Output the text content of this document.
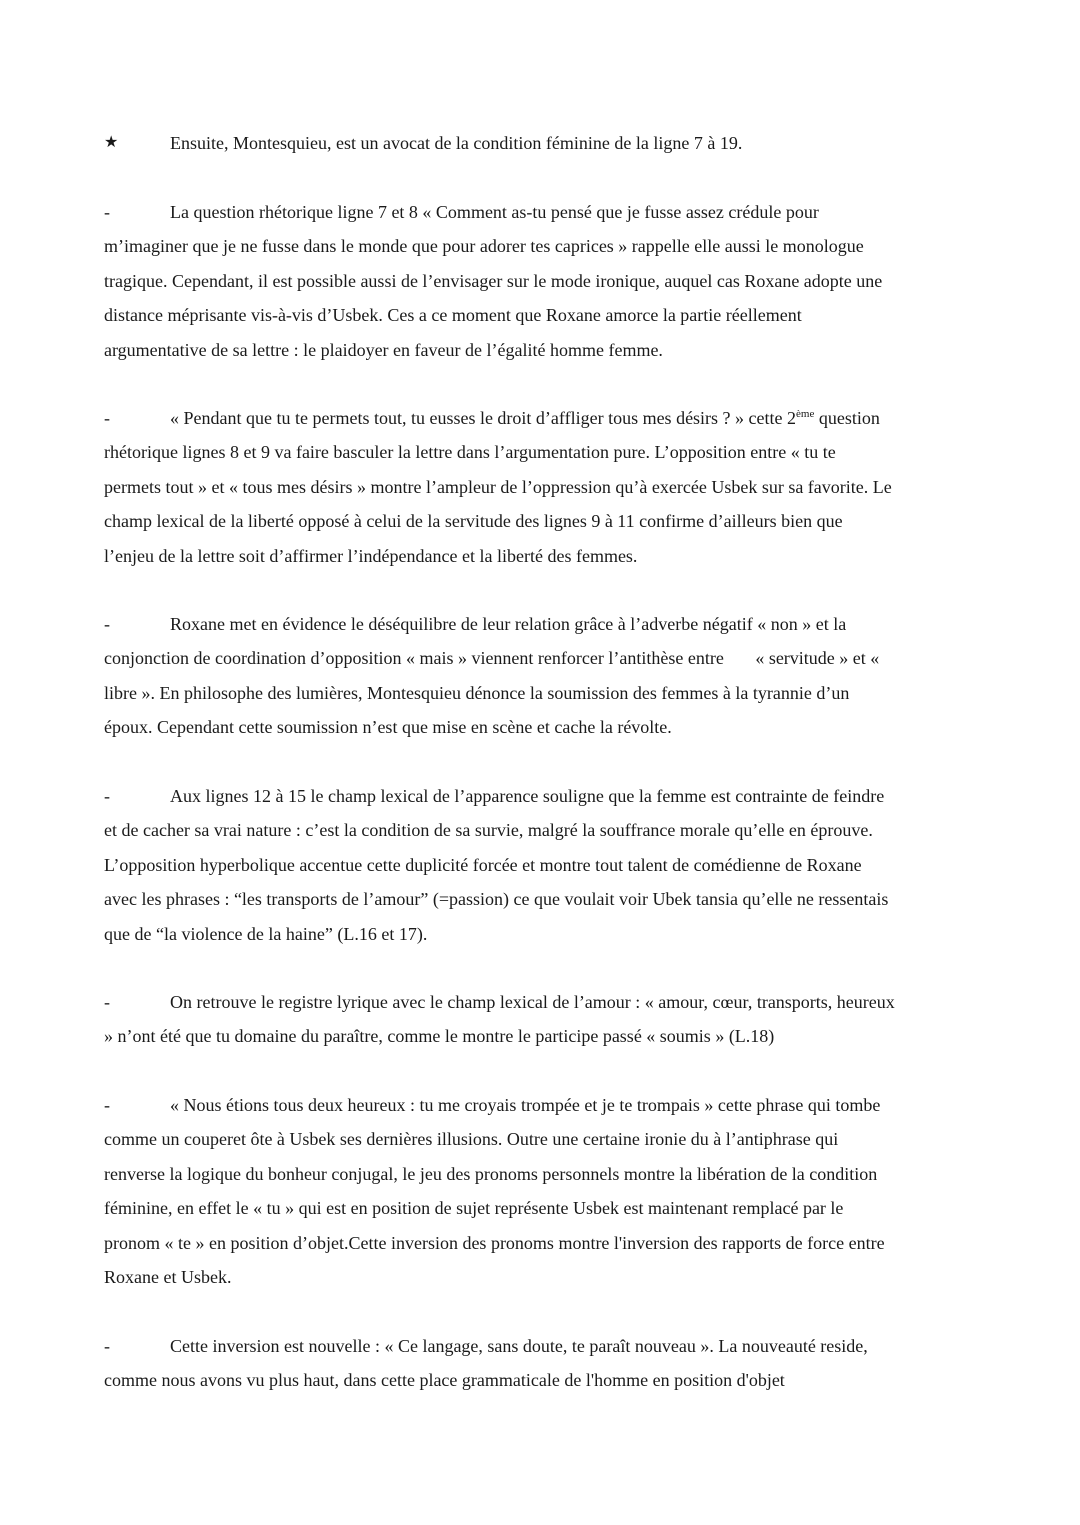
★	Ensuite, Montesquieu, est un avocat de la condition féminine de la ligne 7 à 19.

-	La question rhétorique ligne 7 et 8 « Comment as-tu pensé que je fusse assez crédule pour
m’imaginer que je ne fusse dans le monde que pour adorer tes caprices » rappelle elle aussi le monologue
tragique. Cependant, il est possible aussi de l’envisager sur le mode ironique, auquel cas Roxane adopte une
distance méprisante vis-à-vis d’Usbek. Ces a ce moment que Roxane amorce la partie réellement
argumentative de sa lettre : le plaidoyer en faveur de l’égalité homme femme.

-	« Pendant que tu te permets tout, tu eusses le droit d’affliger tous mes désirs ? » cette 2ème question
rhétorique lignes 8 et 9 va faire basculer la lettre dans l’argumentation pure. L’opposition entre « tu te
permets tout » et « tous mes désirs » montre l’ampleur de l’oppression qu’à exercée Usbek sur sa favorite. Le
champ lexical de la liberté opposé à celui de la servitude des lignes 9 à 11 confirme d’ailleurs bien que
l’enjeu de la lettre soit d’affirmer l’indépendance et la liberté des femmes.

-	Roxane met en évidence le déséquilibre de leur relation grâce à l’adverbe négatif « non » et la
conjonction de coordination d’opposition « mais » viennent renforcer l’antithèse entre       « servitude » et «
libre ». En philosophe des lumières, Montesquieu dénonce la soumission des femmes à la tyrannie d’un
époux. Cependant cette soumission n’est que mise en scène et cache la révolte.

-	Aux lignes 12 à 15 le champ lexical de l’apparence souligne que la femme est contrainte de feindre
et de cacher sa vrai nature : c’est la condition de sa survie, malgré la souffrance morale qu’elle en éprouve.
L’opposition hyperbolique accentue cette duplicité forcée et montre tout talent de comédienne de Roxane
avec les phrases : “les transports de l’amour” (=passion) ce que voulait voir Ubek tansia qu’elle ne ressentais
que de “la violence de la haine” (L.16 et 17).

-	On retrouve le registre lyrique avec le champ lexical de l’amour : « amour, cœur, transports, heureux
» n’ont été que tu domaine du paraître, comme le montre le participe passé « soumis » (L.18)

-	« Nous étions tous deux heureux : tu me croyais trompée et je te trompais » cette phrase qui tombe
comme un couperet ôte à Usbek ses dernières illusions. Outre une certaine ironie du à l’antiphrase qui
renverse la logique du bonheur conjugal, le jeu des pronoms personnels montre la libération de la condition
féminine, en effet le « tu » qui est en position de sujet représente Usbek est maintenant remplacé par le
pronom « te » en position d’objet.Cette inversion des pronoms montre l'inversion des rapports de force entre
Roxane et Usbek.

-	Cette inversion est nouvelle : « Ce langage, sans doute, te paraît nouveau ». La nouveauté reside,
comme nous avons vu plus haut, dans cette place grammaticale de l'homme en position d'objet
